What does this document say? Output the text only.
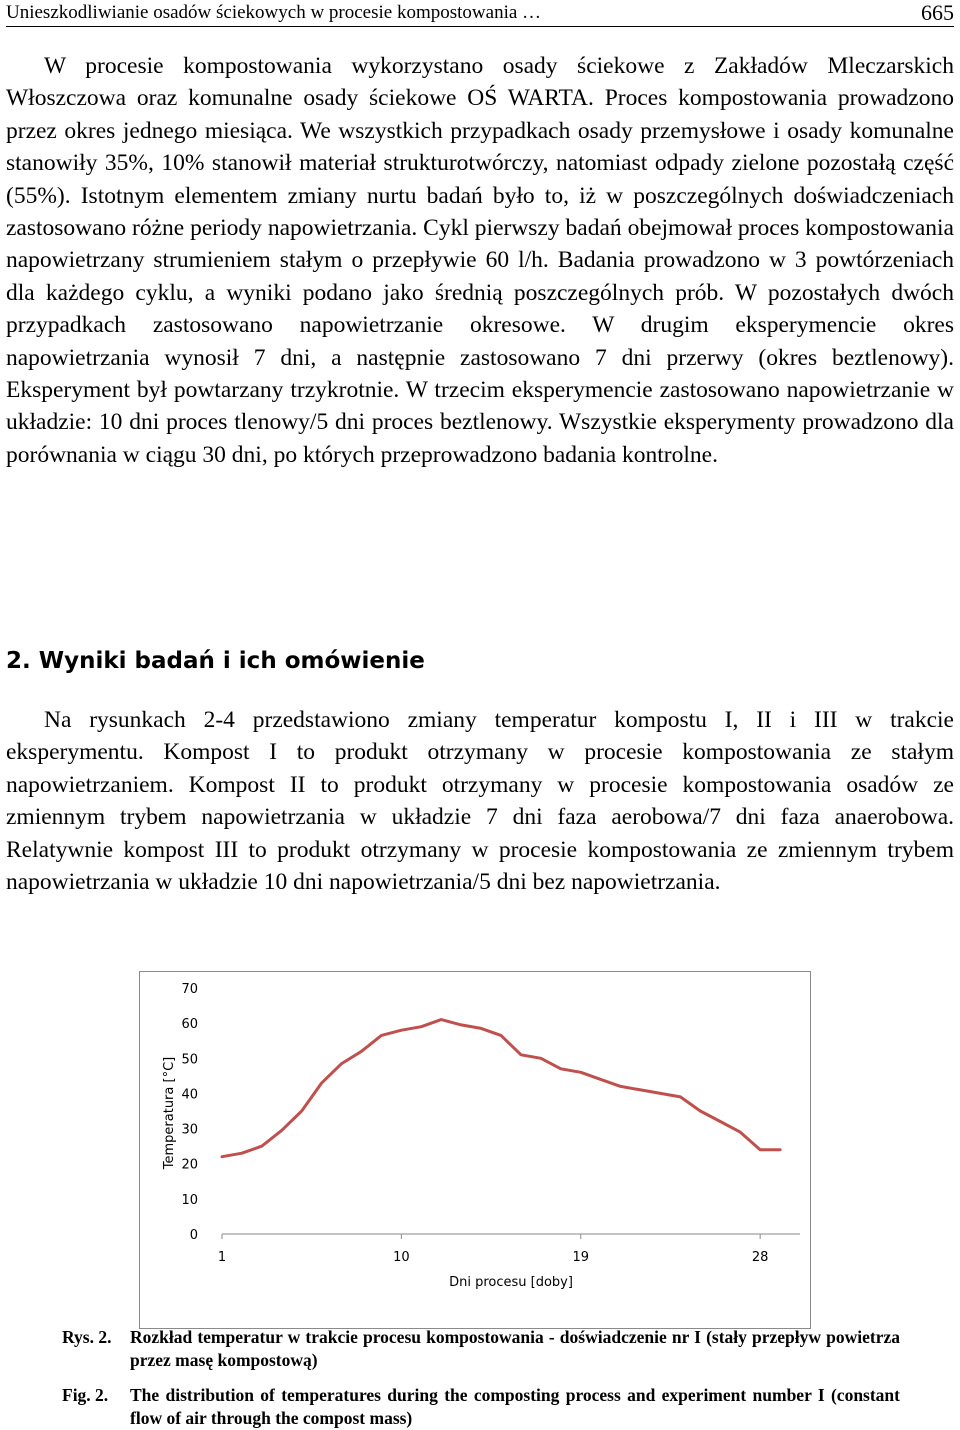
Unieszkodliwianie osadów ściekowych w procesie kompostowania …	665

W procesie kompostowania wykorzystano osady ściekowe z Zakładów Mleczarskich Włoszczowa oraz komunalne osady ściekowe OŚ WARTA. Proces kompostowania prowadzono przez okres jednego miesiąca. We wszystkich przypadkach osady przemysłowe i osady komunalne stanowiły 35%, 10% stanowił materiał strukturotwórczy, natomiast odpady zielone pozostałą część (55%). Istotnym elementem zmiany nurtu badań było to, iż w poszczególnych doświadczeniach zastosowano różne periody napowietrzania. Cykl pierwszy badań obejmował proces kompostowania napowietrzany strumieniem stałym o przepływie 60 l/h. Badania prowadzono w 3 powtórzeniach dla każdego cyklu, a wyniki podano jako średnią poszczególnych prób. W pozostałych dwóch przypadkach zastosowano napowietrzanie okresowe. W drugim eksperymencie okres napowietrzania wynosił 7 dni, a następnie zastosowano 7 dni przerwy (okres beztlenowy). Eksperyment był powtarzany trzykrotnie. W trzecim eksperymencie zastosowano napowietrzanie w układzie: 10 dni proces tlenowy/5 dni proces beztlenowy. Wszystkie eksperymenty prowadzono dla porównania w ciągu 30 dni, po których przeprowadzono badania kontrolne.

2. Wyniki badań i ich omówienie

Na rysunkach 2-4 przedstawiono zmiany temperatur kompostu I, II i III w trakcie eksperymentu. Kompost I to produkt otrzymany w procesie kompostowania ze stałym napowietrzaniem. Kompost II to produkt otrzymany w procesie kompostowania osadów ze zmiennym trybem napowietrzania w układzie 7 dni faza aerobowa/7 dni faza anaerobowa. Relatywnie kompost III to produkt otrzymany w procesie kompostowania ze zmiennym trybem napowietrzania w układzie 10 dni napowietrzania/5 dni bez napowietrzania.

0
10
20
30
40
50
60
70
1	10	19	28
Temperatura [°C]
Dni procesu [doby]
Rys. 2. Rozkład temperatur w trakcie procesu kompostowania - doświadczenie nr I (stały przepływ powietrza przez masę kompostową)
Fig. 2. The distribution of temperatures during the composting process and experiment number I (constant flow of air through the compost mass)
